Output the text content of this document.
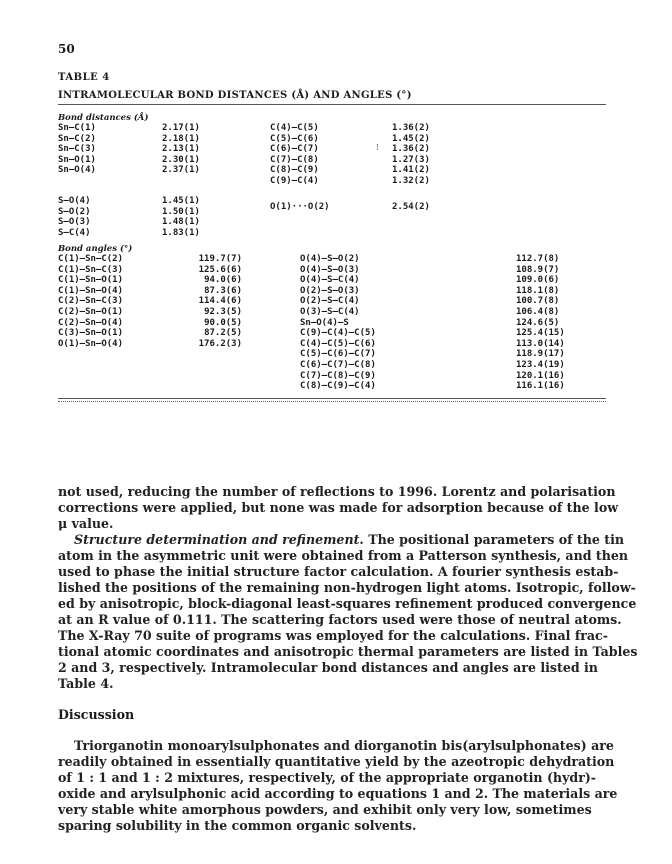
50
TABLE 4
INTRAMOLECULAR BOND DISTANCES (Å) AND ANGLES (°)
Bond distances (Å)
Sn—C(1)
Sn—C(2)
Sn—C(3)
Sn—O(1)
Sn—O(4)
2.17(1)
2.18(1)
2.13(1)
2.30(1)
2.37(1)
S—O(4)
S—O(2)
S—O(3)
S—C(4)
1.45(1)
1.50(1)
1.48(1)
1.83(1)
C(4)—C(5)
C(5)—C(6)
C(6)—C(7)
C(7)—C(8)
C(8)—C(9)
C(9)—C(4)
1.36(2)
1.45(2)
1.36(2)
1.27(3)
1.41(2)
1.32(2)
⁝
O(1)···O(2)	2.54(2)
Bond angles (°)
C(1)—Sn—C(2)
C(1)—Sn—C(3)
C(1)—Sn—O(1)
C(1)—Sn—O(4)
C(2)—Sn—C(3)
C(2)—Sn—O(1)
C(2)—Sn—O(4)
C(3)—Sn—O(1)
O(1)—Sn—O(4)
119.7(7)
125.6(6)
94.0(6)
87.3(6)
114.4(6)
92.3(5)
90.0(5)
87.2(5)
176.2(3)
O(4)—S—O(2)
O(4)—S—O(3)
O(4)—S—C(4)
O(2)—S—O(3)
O(2)—S—C(4)
O(3)—S—C(4)
Sn—O(4)—S
C(9)—C(4)—C(5)
C(4)—C(5)—C(6)
C(5)—C(6)—C(7)
C(6)—C(7)—C(8)
C(7)—C(8)—C(9)
C(8)—C(9)—C(4)
112.7(8)
108.9(7)
109.0(6)
118.1(8)
100.7(8)
106.4(8)
124.6(5)
125.4(15)
113.0(14)
118.9(17)
123.4(19)
120.1(16)
116.1(16)
not used, reducing the number of reflections to 1996. Lorentz and polarisation
corrections were applied, but none was made for adsorption because of the low
μ value.
Structure determination and refinement. The positional parameters of the tin
atom in the asymmetric unit were obtained from a Patterson synthesis, and then
used to phase the initial structure factor calculation. A fourier synthesis estab-
lished the positions of the remaining non-hydrogen light atoms. Isotropic, follow-
ed by anisotropic, block-diagonal least-squares refinement produced convergence
at an R value of 0.111. The scattering factors used were those of neutral atoms.
The X-Ray 70 suite of programs was employed for the calculations. Final frac-
tional atomic coordinates and anisotropic thermal parameters are listed in Tables
2 and 3, respectively. Intramolecular bond distances and angles are listed in
Table 4.
Discussion
Triorganotin monoarylsulphonates and diorganotin bis(arylsulphonates) are
readily obtained in essentially quantitative yield by the azeotropic dehydration
of 1 : 1 and 1 : 2 mixtures, respectively, of the appropriate organotin (hydr)-
oxide and arylsulphonic acid according to equations 1 and 2. The materials are
very stable white amorphous powders, and exhibit only very low, sometimes
sparing solubility in the common organic solvents.
